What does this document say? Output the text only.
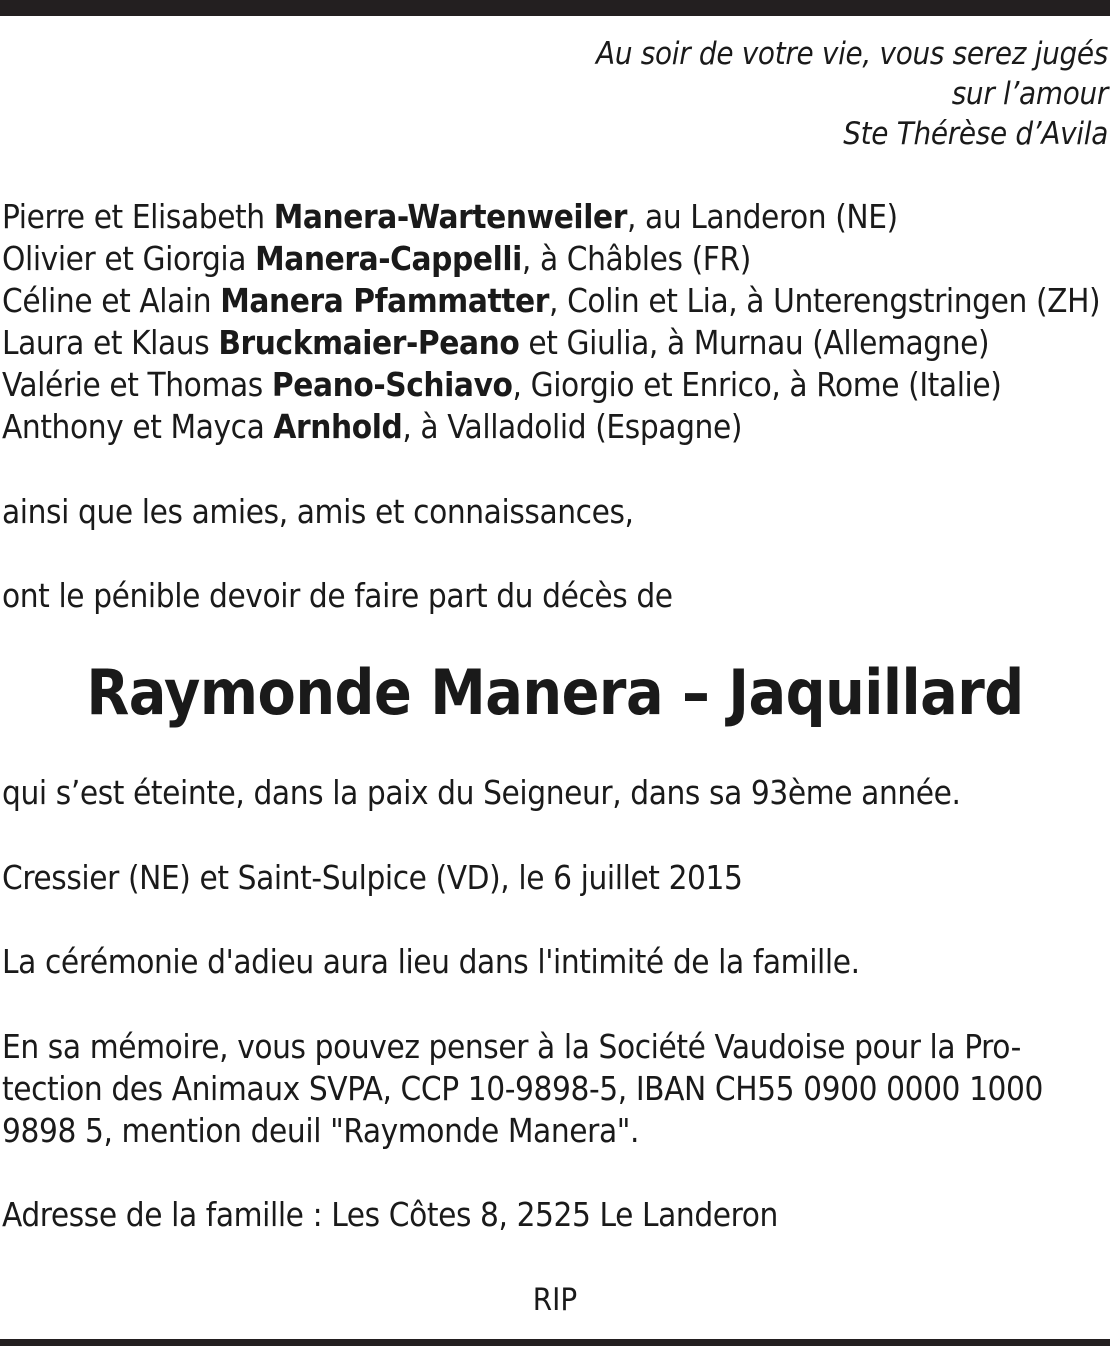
Au soir de votre vie, vous serez jugés
sur l’amour
Ste Thérèse d’Avila
Pierre et Elisabeth Manera-Wartenweiler, au Landeron (NE)
Olivier et Giorgia Manera-Cappelli, à Châbles (FR)
Céline et Alain Manera Pfammatter, Colin et Lia, à Unterengstringen (ZH)
Laura et Klaus Bruckmaier-Peano et Giulia, à Murnau (Allemagne)
Valérie et Thomas Peano-Schiavo, Giorgio et Enrico, à Rome (Italie)
Anthony et Mayca Arnhold, à Valladolid (Espagne)
ainsi que les amies, amis et connaissances,
ont le pénible devoir de faire part du décès de
Raymonde Manera – Jaquillard
qui s’est éteinte, dans la paix du Seigneur, dans sa 93ème année.
Cressier (NE) et Saint-Sulpice (VD), le 6 juillet 2015
La cérémonie d'adieu aura lieu dans l'intimité de la famille.
En sa mémoire, vous pouvez penser à la Société Vaudoise pour la Pro-
tection des Animaux SVPA, CCP 10-9898-5, IBAN CH55 0900 0000 1000
9898 5, mention deuil "Raymonde Manera".
Adresse de la famille : Les Côtes 8, 2525 Le Landeron
RIP
